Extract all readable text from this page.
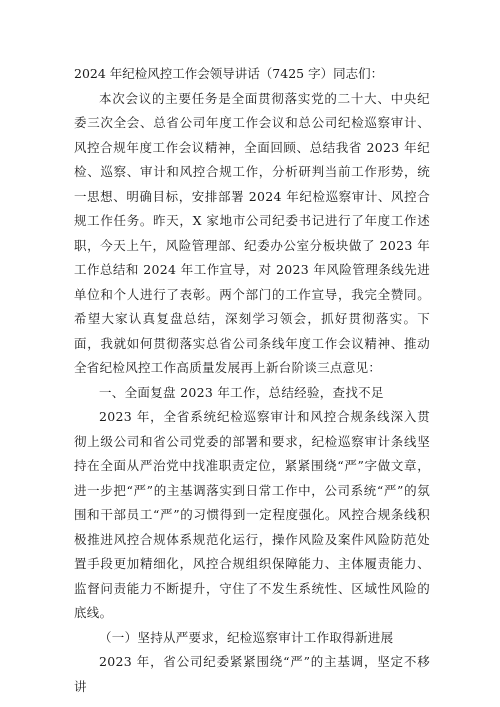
2024 年纪检风控工作会领导讲话（7425 字）同志们：

本次会议的主要任务是全面贯彻落实党的二十大、中央纪委三次全会、总省公司年度工作会议和总公司纪检巡察审计、风控合规年度工作会议精神，全面回顾、总结我省 2023 年纪检、巡察、审计和风控合规工作，分析研判当前工作形势，统一思想、明确目标，安排部署 2024 年纪检巡察审计、风控合规工作任务。昨天，X 家地市公司纪委书记进行了年度工作述职，今天上午，风险管理部、纪委办公室分板块做了 2023 年工作总结和 2024 年工作宣导，对 2023 年风险管理条线先进单位和个人进行了表彰。两个部门的工作宣导，我完全赞同。希望大家认真复盘总结，深刻学习领会，抓好贯彻落实。下面，我就如何贯彻落实总省公司条线年度工作会议精神、推动全省纪检风控工作高质量发展再上新台阶谈三点意见：

一、全面复盘 2023 年工作，总结经验，查找不足

2023 年，全省系统纪检巡察审计和风控合规条线深入贯彻上级公司和省公司党委的部署和要求，纪检巡察审计条线坚持在全面从严治党中找准职责定位，紧紧围绕“严”字做文章，进一步把“严”的主基调落实到日常工作中，公司系统“严”的氛围和干部员工“严”的习惯得到一定程度强化。风控合规条线积极推进风控合规体系规范化运行，操作风险及案件风险防范处置手段更加精细化，风控合规组织保障能力、主体履责能力、监督问责能力不断提升，守住了不发生系统性、区域性风险的底线。

（一）坚持从严要求，纪检巡察审计工作取得新进展

2023 年，省公司纪委紧紧围绕“严”的主基调，坚定不移讲
